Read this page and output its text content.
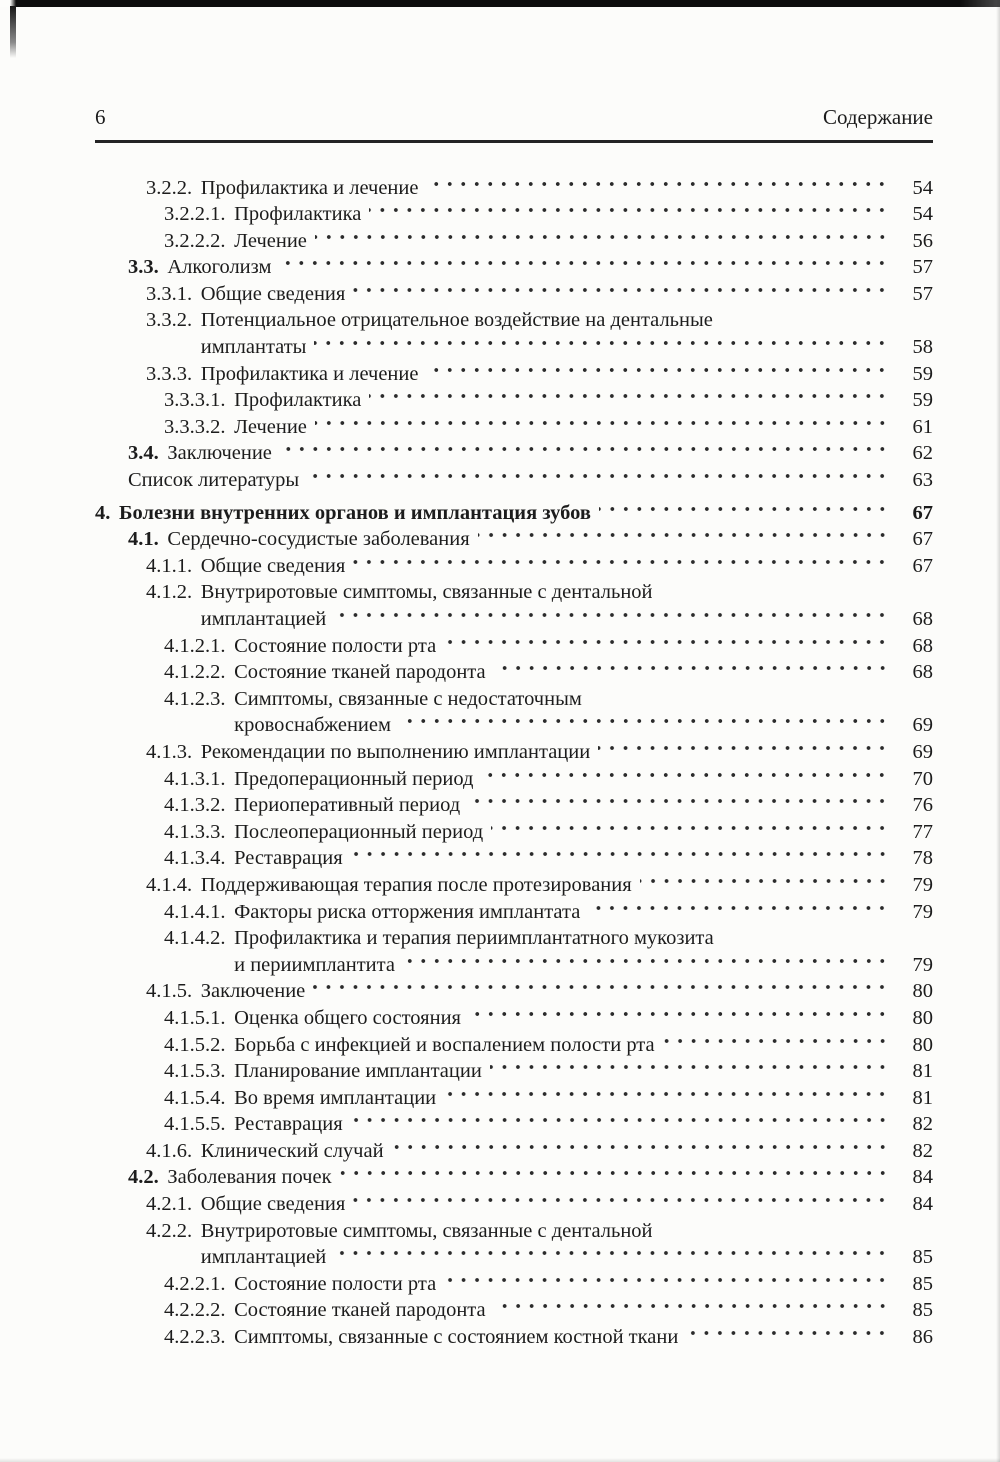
6	Содержание
3.2.2. Профилактика и лечение	54
3.2.2.1. Профилактика	54
3.2.2.2. Лечение	56
3.3. Алкоголизм	57
3.3.1. Общие сведения	57
3.3.2. Потенциальное отрицательное воздействие на дентальные
имплантаты	58
3.3.3. Профилактика и лечение	59
3.3.3.1. Профилактика	59
3.3.3.2. Лечение	61
3.4. Заключение	62
Список литературы	63
4. Болезни внутренних органов и имплантация зубов	67
4.1. Сердечно-сосудистые заболевания	67
4.1.1. Общие сведения	67
4.1.2. Внутриротовые симптомы, связанные с дентальной
имплантацией	68
4.1.2.1. Состояние полости рта	68
4.1.2.2. Состояние тканей пародонта	68
4.1.2.3. Симптомы, связанные с недостаточным
кровоснабжением	69
4.1.3. Рекомендации по выполнению имплантации	69
4.1.3.1. Предоперационный период	70
4.1.3.2. Периоперативный период	76
4.1.3.3. Послеоперационный период	77
4.1.3.4. Реставрация	78
4.1.4. Поддерживающая терапия после протезирования	79
4.1.4.1. Факторы риска отторжения имплантата	79
4.1.4.2. Профилактика и терапия периимплантатного мукозита
и периимплантита	79
4.1.5. Заключение	80
4.1.5.1. Оценка общего состояния	80
4.1.5.2. Борьба с инфекцией и воспалением полости рта	80
4.1.5.3. Планирование имплантации	81
4.1.5.4. Во время имплантации	81
4.1.5.5. Реставрация	82
4.1.6. Клинический случай	82
4.2. Заболевания почек	84
4.2.1. Общие сведения	84
4.2.2. Внутриротовые симптомы, связанные с дентальной
имплантацией	85
4.2.2.1. Состояние полости рта	85
4.2.2.2. Состояние тканей пародонта	85
4.2.2.3. Симптомы, связанные с состоянием костной ткани	86
